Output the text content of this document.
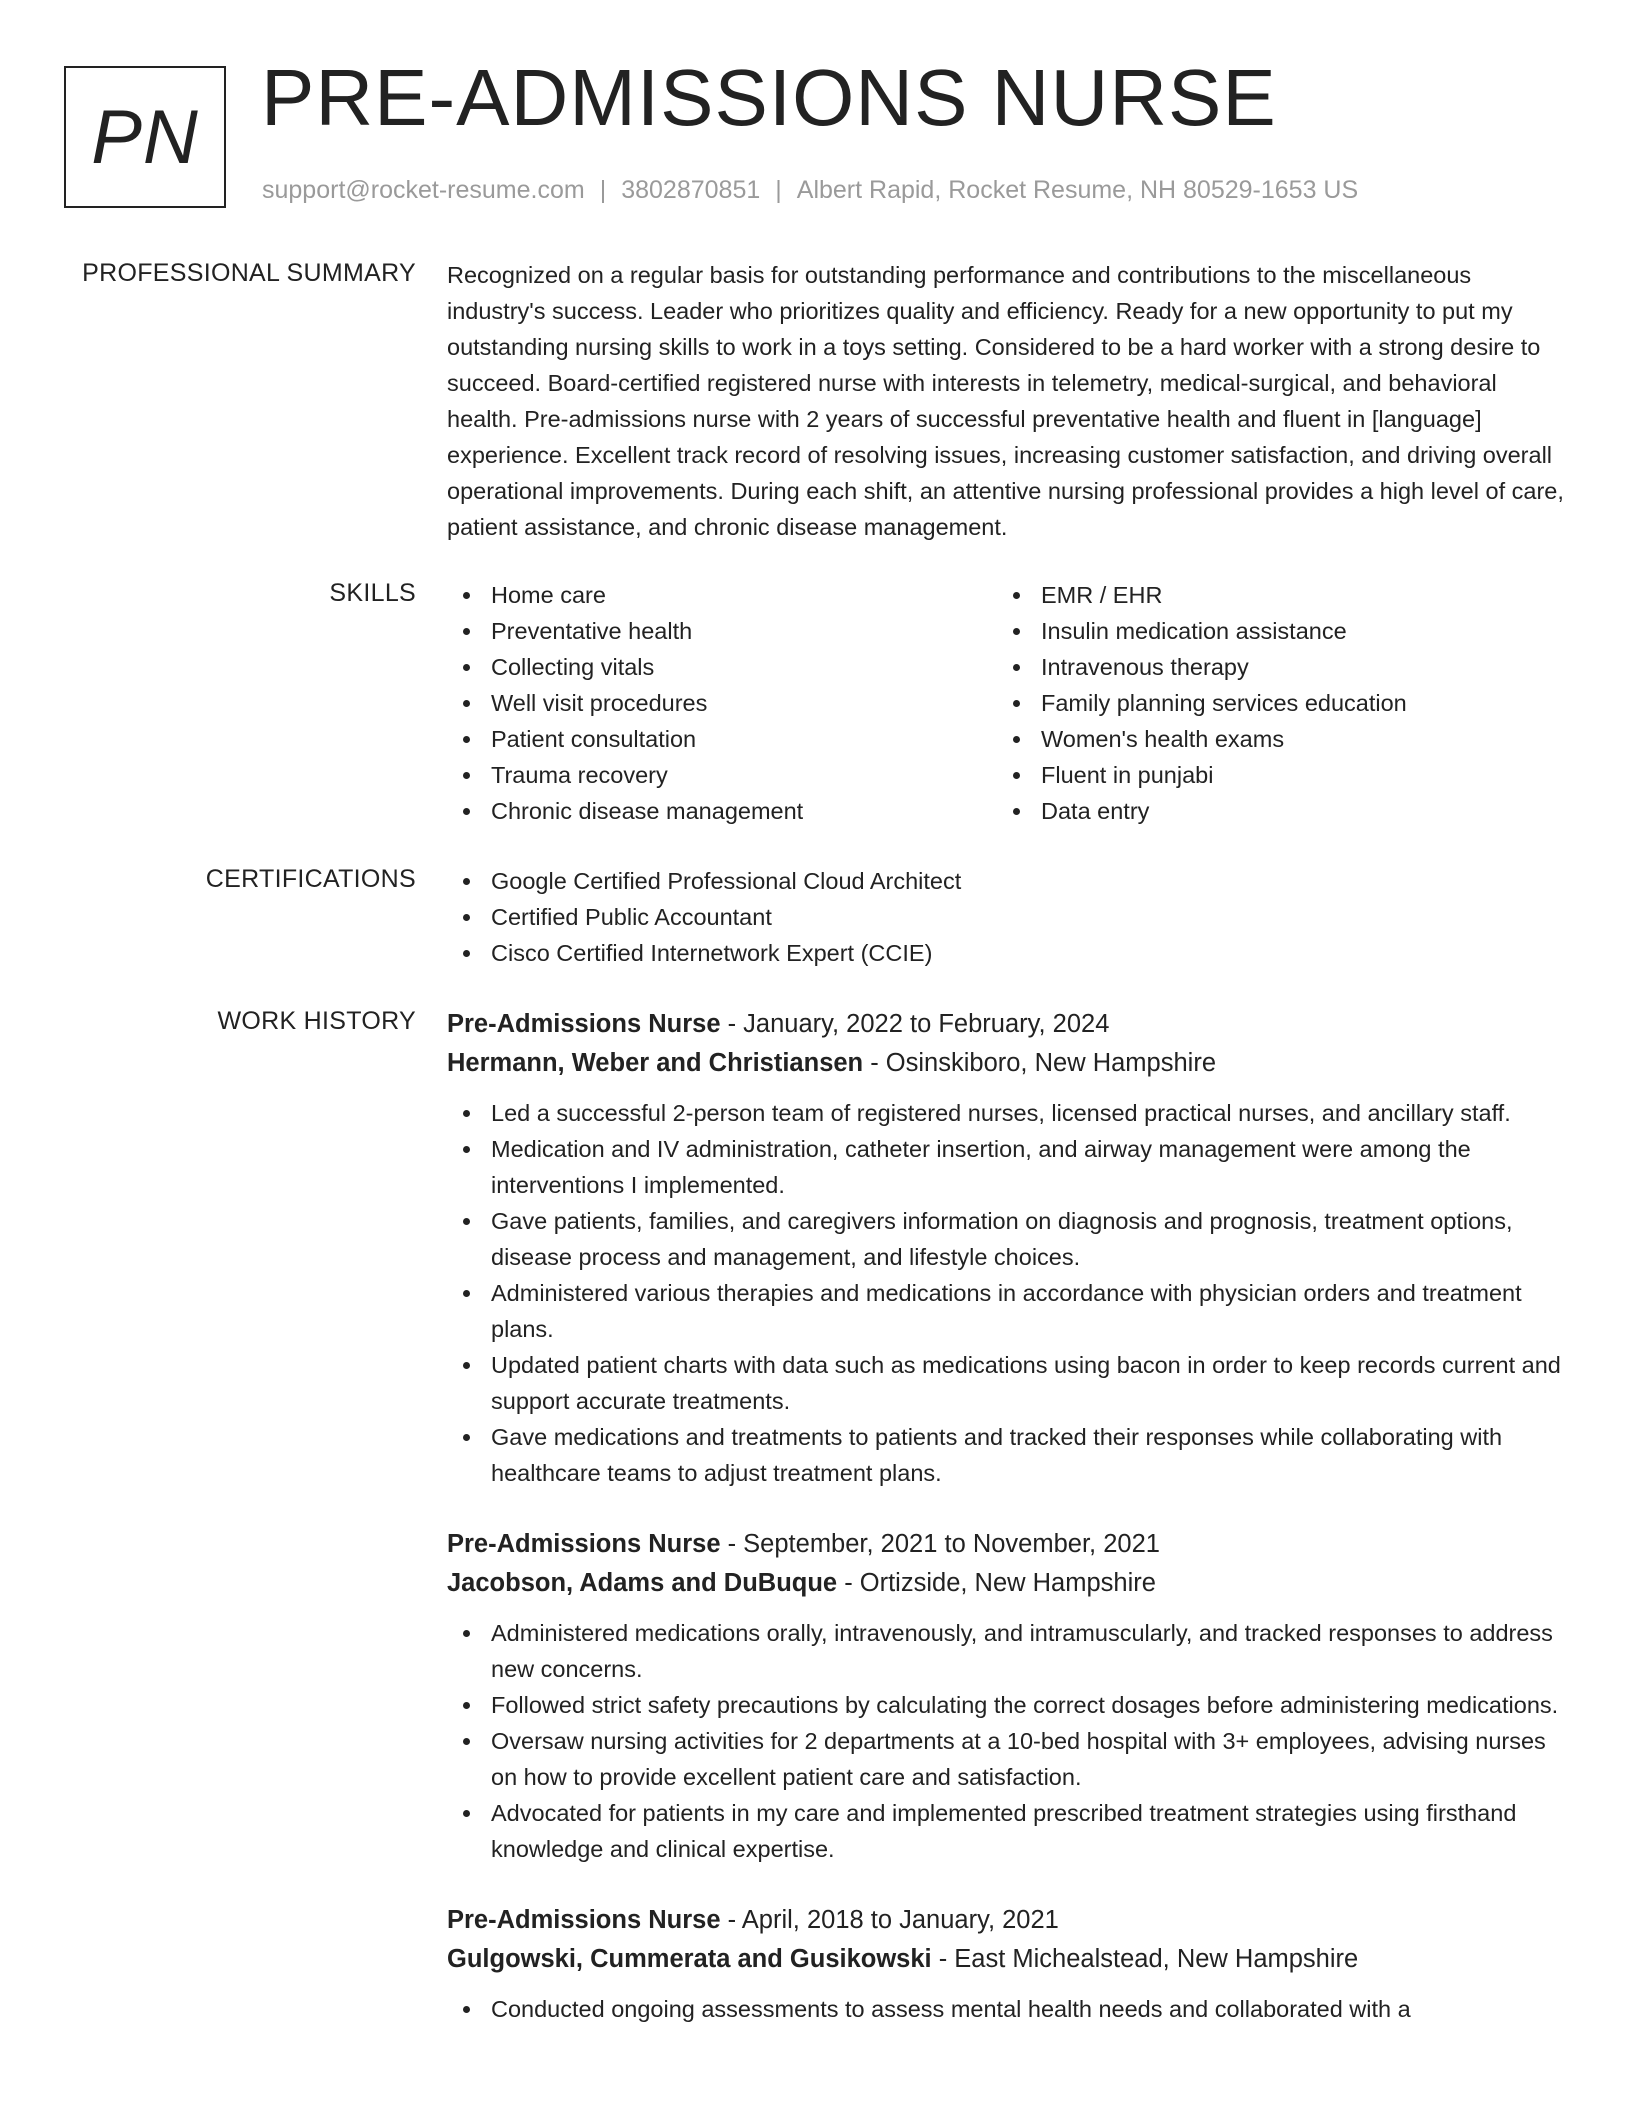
PN PRE-ADMISSIONS NURSE
support@rocket-resume.com | 3802870851 | Albert Rapid, Rocket Resume, NH 80529-1653 US
PROFESSIONAL SUMMARY Recognized on a regular basis for outstanding performance and contributions to the miscellaneous industry's success. Leader who prioritizes quality and efficiency. Ready for a new opportunity to put my outstanding nursing skills to work in a toys setting. Considered to be a hard worker with a strong desire to succeed. Board-certified registered nurse with interests in telemetry, medical-surgical, and behavioral health. Pre-admissions nurse with 2 years of successful preventative health and fluent in [language] experience. Excellent track record of resolving issues, increasing customer satisfaction, and driving overall operational improvements. During each shift, an attentive nursing professional provides a high level of care, patient assistance, and chronic disease management.

SKILLS	Home care
Preventative health
Collecting vitals
Well visit procedures
Patient consultation
Trauma recovery
Chronic disease management
EMR / EHR
Insulin medication assistance
Intravenous therapy
Family planning services education
Women's health exams
Fluent in punjabi
Data entry
CERTIFICATIONS	Google Certified Professional Cloud Architect
Certified Public Accountant
Cisco Certified Internetwork Expert (CCIE)
WORK HISTORY Pre-Admissions Nurse - January, 2022 to February, 2024
Hermann, Weber and Christiansen - Osinskiboro, New Hampshire
Led a successful 2-person team of registered nurses, licensed practical nurses, and ancillary staff.
Medication and IV administration, catheter insertion, and airway management were among the interventions I implemented.
Gave patients, families, and caregivers information on diagnosis and prognosis, treatment options, disease process and management, and lifestyle choices.
Administered various therapies and medications in accordance with physician orders and treatment plans.
Updated patient charts with data such as medications using bacon in order to keep records current and support accurate treatments.
Gave medications and treatments to patients and tracked their responses while collaborating with healthcare teams to adjust treatment plans.
Pre-Admissions Nurse - September, 2021 to November, 2021
Jacobson, Adams and DuBuque - Ortizside, New Hampshire
Administered medications orally, intravenously, and intramuscularly, and tracked responses to address new concerns.
Followed strict safety precautions by calculating the correct dosages before administering medications.
Oversaw nursing activities for 2 departments at a 10-bed hospital with 3+ employees, advising nurses on how to provide excellent patient care and satisfaction.
Advocated for patients in my care and implemented prescribed treatment strategies using firsthand knowledge and clinical expertise.
Pre-Admissions Nurse - April, 2018 to January, 2021
Gulgowski, Cummerata and Gusikowski - East Michealstead, New Hampshire
Conducted ongoing assessments to assess mental health needs and collaborated with a
